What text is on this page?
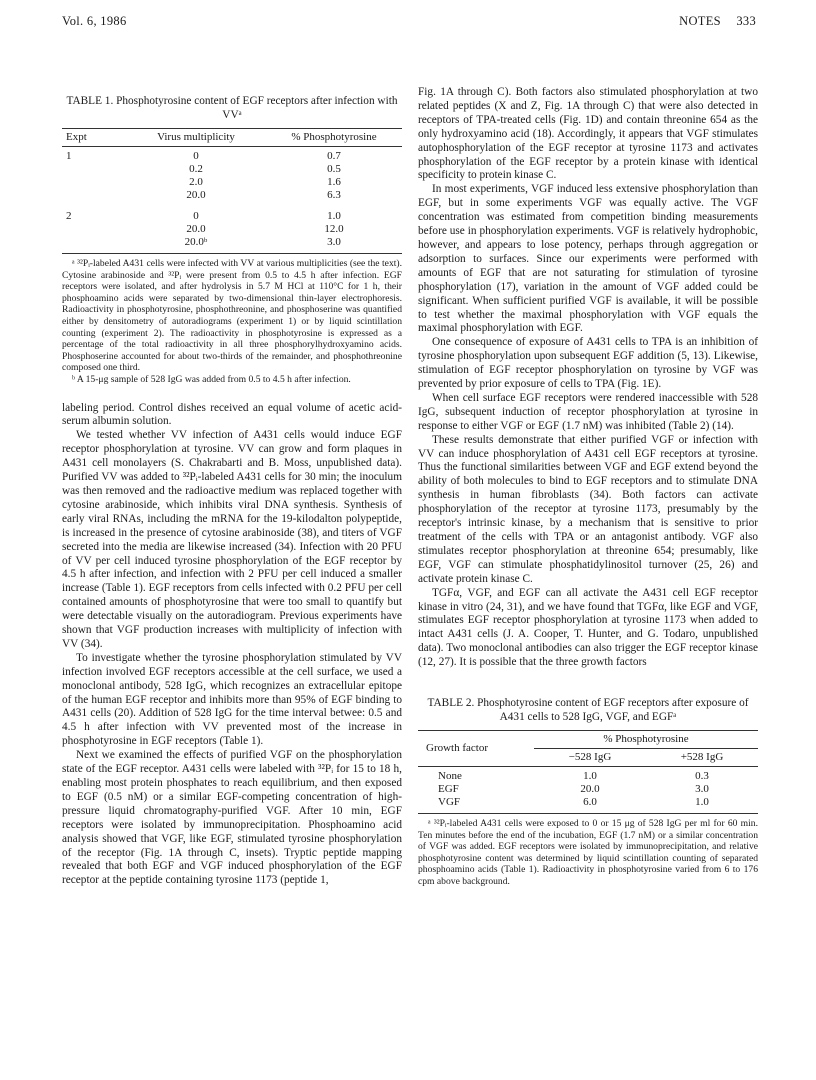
Vol. 6, 1986	NOTES 333
TABLE 1. Phosphotyrosine content of EGF receptors after infection with VVᵃ
Expt	Virus multiplicity	% Phosphotyrosine
1	0	0.7
	0.2	0.5
	2.0	1.6
	20.0	6.3

2	0	1.0
	20.0	12.0
	20.0ᵇ	3.0

ᵃ ³²Pᵢ-labeled A431 cells were infected with VV at various multiplicities (see the text). Cytosine arabinoside and ³²Pᵢ were present from 0.5 to 4.5 h after infection. EGF receptors were isolated, and after hydrolysis in 5.7 M HCl at 110°C for 1 h, their phosphoamino acids were separated by two-dimensional thin-layer electrophoresis. Radioactivity in phosphotyrosine, phosphothreonine, and phosphoserine was quantified either by densitometry of autoradiograms (experiment 1) or by liquid scintillation counting (experiment 2). The radioactivity in phosphotyrosine is expressed as a percentage of the total radioactivity in all three phosphorylhydroxyamino acids. Phosphoserine accounted for about two-thirds of the remainder, and phosphothreonine composed one third.

ᵇ A 15-μg sample of 528 IgG was added from 0.5 to 4.5 h after infection.

labeling period. Control dishes received an equal volume of acetic acid-serum albumin solution.

We tested whether VV infection of A431 cells would induce EGF receptor phosphorylation at tyrosine. VV can grow and form plaques in A431 cell monolayers (S. Chakrabarti and B. Moss, unpublished data). Purified VV was added to ³²Pᵢ-labeled A431 cells for 30 min; the inoculum was then removed and the radioactive medium was replaced together with cytosine arabinoside, which inhibits viral DNA synthesis. Synthesis of early viral RNAs, including the mRNA for the 19-kilodalton polypeptide, is increased in the presence of cytosine arabinoside (38), and titers of VGF secreted into the media are likewise increased (34). Infection with 20 PFU of VV per cell induced tyrosine phosphorylation of the EGF receptor by 4.5 h after infection, and infection with 2 PFU per cell induced a smaller increase (Table 1). EGF receptors from cells infected with 0.2 PFU per cell contained amounts of phosphotyrosine that were too small to quantify but were detectable visually on the autoradiogram. Previous experiments have shown that VGF production increases with multiplicity of infection with VV (34).

To investigate whether the tyrosine phosphorylation stimulated by VV infection involved EGF receptors accessible at the cell surface, we used a monoclonal antibody, 528 IgG, which recognizes an extracellular epitope of the human EGF receptor and inhibits more than 95% of EGF binding to A431 cells (20). Addition of 528 IgG for the time interval betwee: 0.5 and 4.5 h after infection with VV prevented most of the increase in phosphotyrosine in EGF receptors (Table 1).

Next we examined the effects of purified VGF on the phosphorylation state of the EGF receptor. A431 cells were labeled with ³²Pᵢ for 15 to 18 h, enabling most protein phosphates to reach equilibrium, and then exposed to EGF (0.5 nM) or a similar EGF-competing concentration of high-pressure liquid chromatography-purified VGF. After 10 min, EGF receptors were isolated by immunoprecipitation. Phosphoamino acid analysis showed that VGF, like EGF, stimulated tyrosine phosphorylation of the receptor (Fig. 1A through C, insets). Tryptic peptide mapping revealed that both EGF and VGF induced phosphorylation of the EGF receptor at the peptide containing tyrosine 1173 (peptide 1,

Fig. 1A through C). Both factors also stimulated phosphorylation at two related peptides (X and Z, Fig. 1A through C) that were also detected in receptors of TPA-treated cells (Fig. 1D) and contain threonine 654 as the only hydroxyamino acid (18). Accordingly, it appears that VGF stimulates autophosphorylation of the EGF receptor at tyrosine 1173 and activates phosphorylation of the EGF receptor by a protein kinase with identical specificity to protein kinase C.

In most experiments, VGF induced less extensive phosphorylation than EGF, but in some experiments VGF was equally active. The VGF concentration was estimated from competition binding measurements before use in phosphorylation experiments. VGF is relatively hydrophobic, however, and appears to lose potency, perhaps through aggregation or adsorption to surfaces. Since our experiments were performed with amounts of EGF that are not saturating for stimulation of tyrosine phosphorylation (17), variation in the amount of VGF added could be significant. When sufficient purified VGF is available, it will be possible to test whether the maximal phosphorylation with VGF equals the maximal phosphorylation with EGF.

One consequence of exposure of A431 cells to TPA is an inhibition of tyrosine phosphorylation upon subsequent EGF addition (5, 13). Likewise, stimulation of EGF receptor phosphorylation on tyrosine by VGF was prevented by prior exposure of cells to TPA (Fig. 1E).

When cell surface EGF receptors were rendered inaccessible with 528 IgG, subsequent induction of receptor phosphorylation at tyrosine in response to either VGF or EGF (1.7 nM) was inhibited (Table 2) (14).

These results demonstrate that either purified VGF or infection with VV can induce phosphorylation of A431 cell EGF receptors at tyrosine. Thus the functional similarities between VGF and EGF extend beyond the ability of both molecules to bind to EGF receptors and to stimulate DNA synthesis in human fibroblasts (34). Both factors can activate phosphorylation of the receptor at tyrosine 1173, presumably by the receptor's intrinsic kinase, by a mechanism that is sensitive to prior treatment of the cells with TPA or an antagonist antibody. VGF also stimulates receptor phosphorylation at threonine 654; presumably, like EGF, VGF can stimulate phosphatidylinositol turnover (25, 26) and activate protein kinase C.

TGFα, VGF, and EGF can all activate the A431 cell EGF receptor kinase in vitro (24, 31), and we have found that TGFα, like EGF and VGF, stimulates EGF receptor phosphorylation at tyrosine 1173 when added to intact A431 cells (J. A. Cooper, T. Hunter, and G. Todaro, unpublished data). Two monoclonal antibodies can also trigger the EGF receptor kinase (12, 27). It is possible that the three growth factors

TABLE 2. Phosphotyrosine content of EGF receptors after exposure of A431 cells to 528 IgG, VGF, and EGFᵃ
Growth factor	% Phosphotyrosine	
	−528 IgG	+528 IgG
None	1.0	0.3
EGF	20.0	3.0
VGF	6.0	1.0

ᵃ ³²Pᵢ-labeled A431 cells were exposed to 0 or 15 μg of 528 IgG per ml for 60 min. Ten minutes before the end of the incubation, EGF (1.7 nM) or a similar concentration of VGF was added. EGF receptors were isolated by immunoprecipitation, and relative phosphotyrosine content was determined by liquid scintillation counting of separated phosphoamino acids (Table 1). Radioactivity in phosphotyrosine varied from 6 to 176 cpm above background.
